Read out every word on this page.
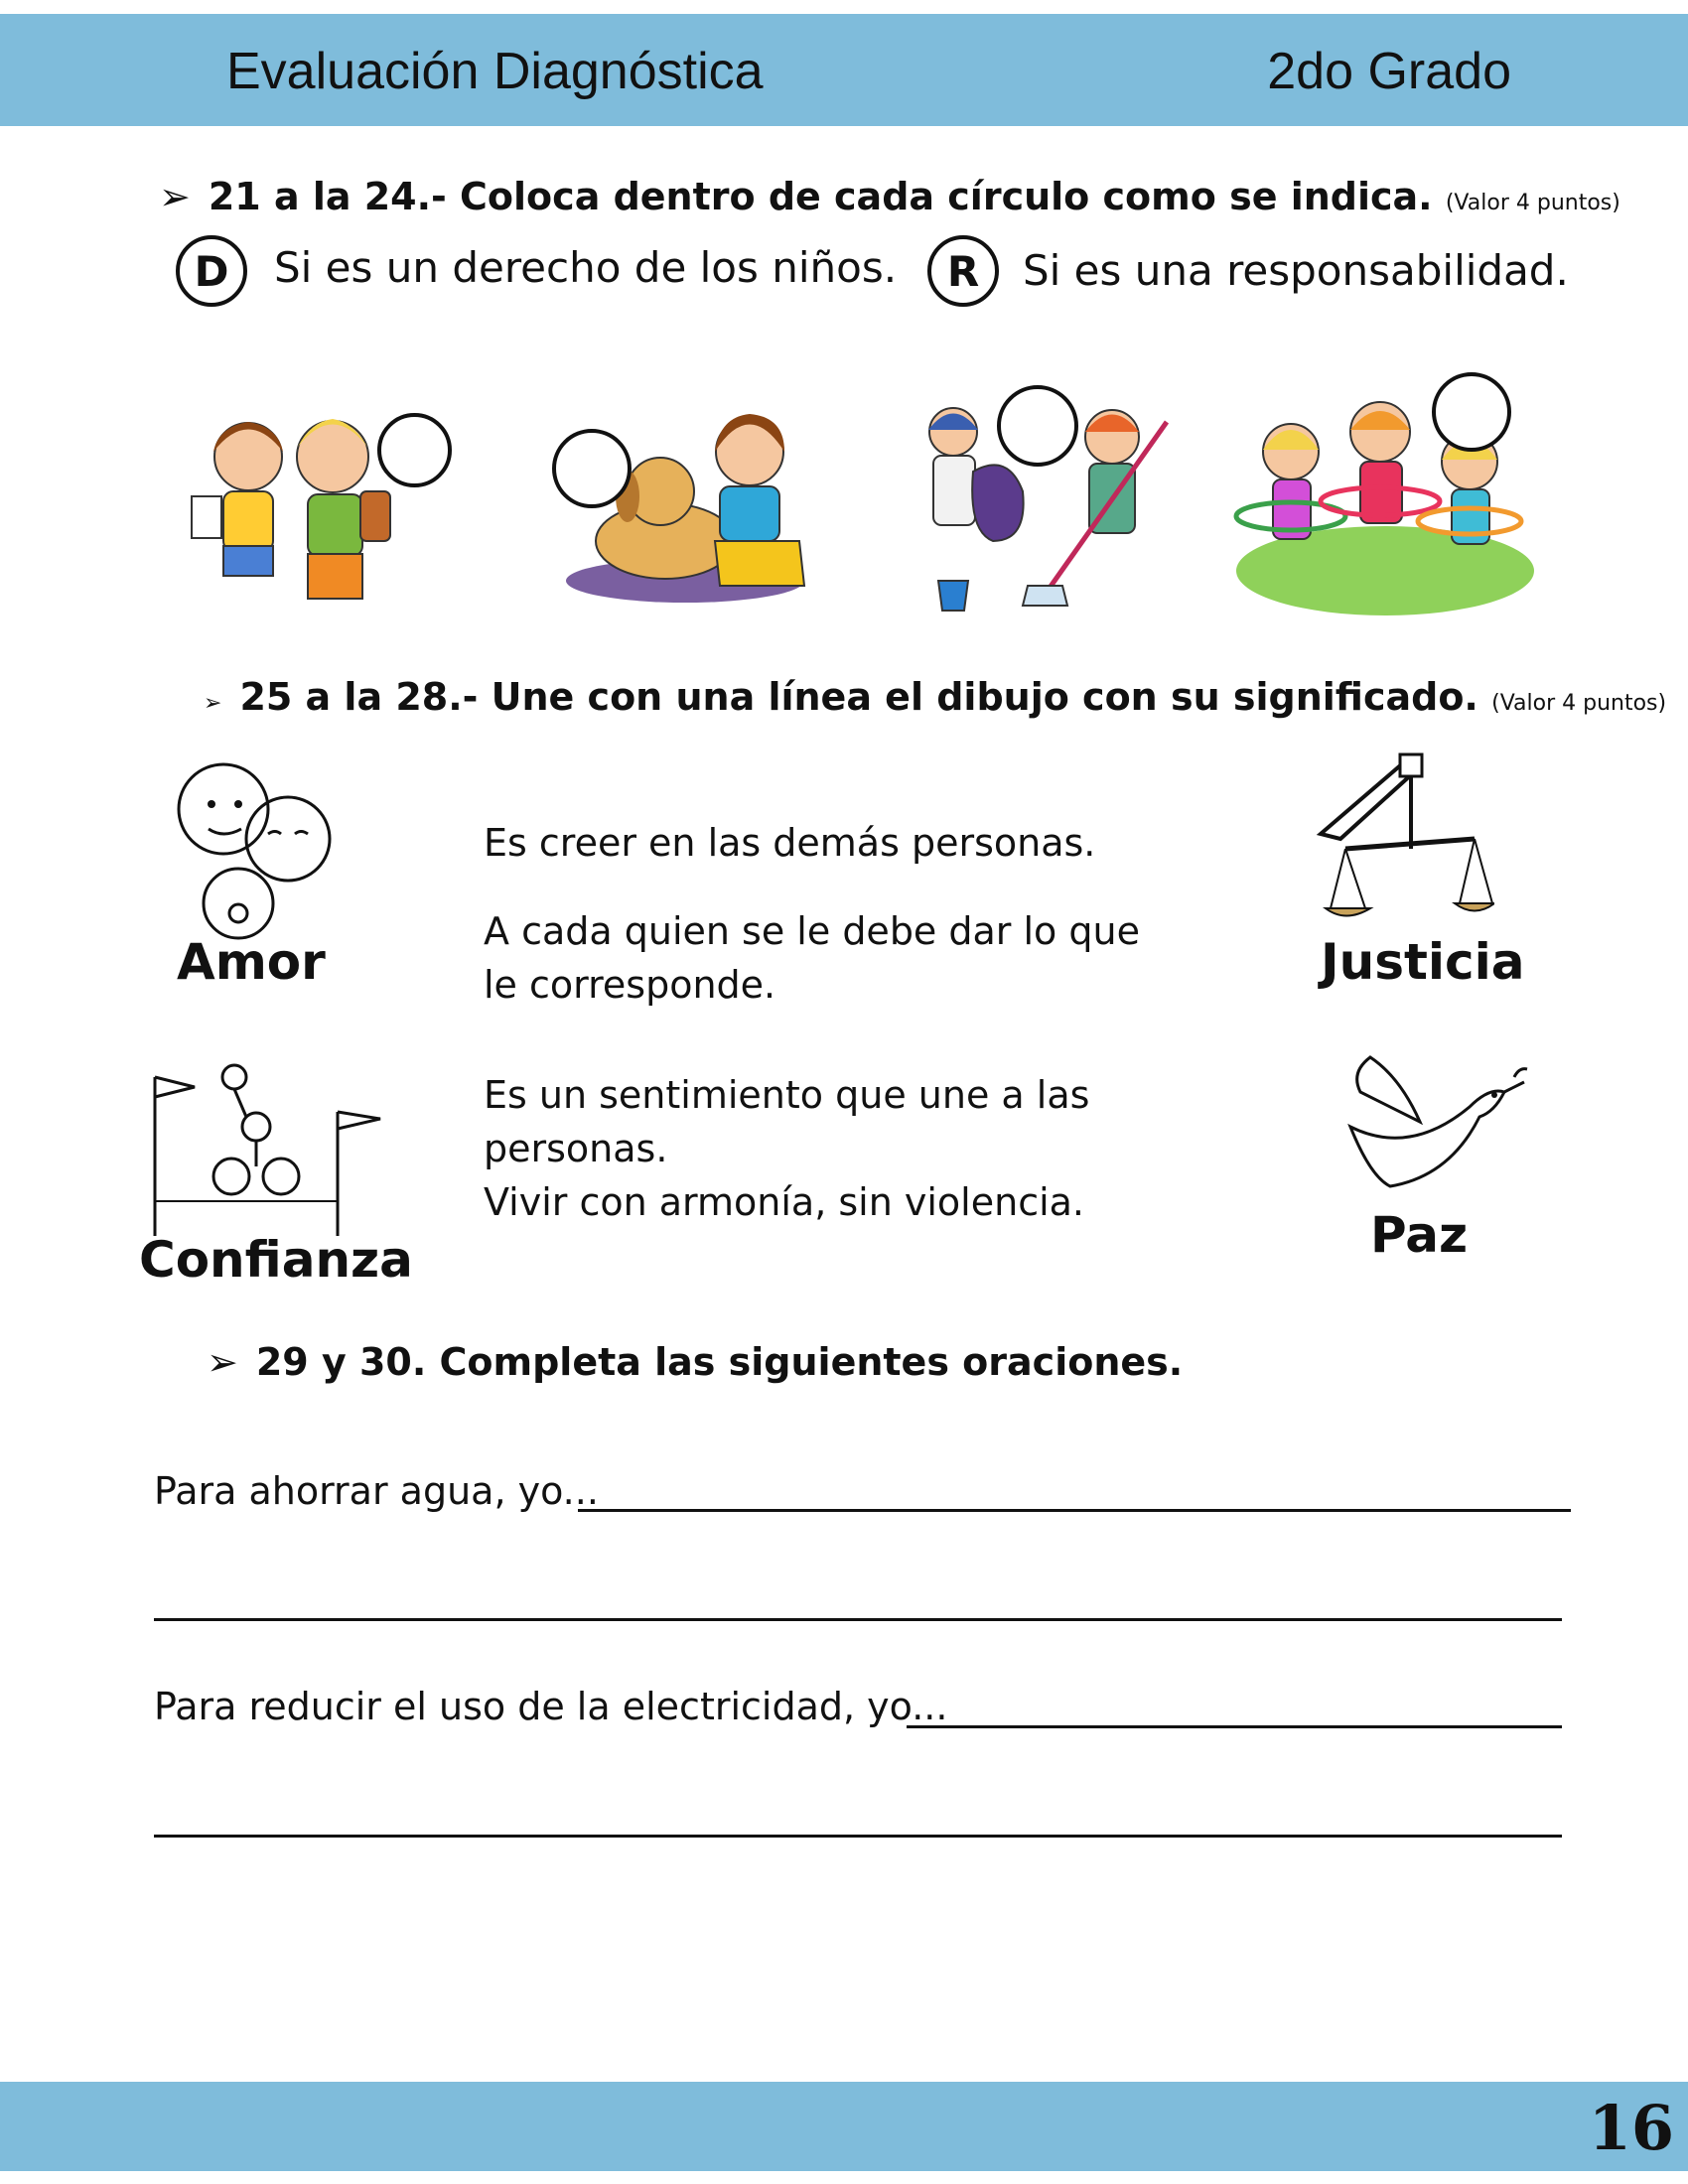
Evaluación Diagnóstica	2do Grado
➢ 21 a la 24.- Coloca dentro de cada círculo como se indica. (Valor 4 puntos)
D	Si es un derecho de los niños.	R	Si es una responsabilidad.
➢ 25 a la 28.- Une con una línea el dibujo con su significado. (Valor 4 puntos)
Amor	Justicia
Confianza	Paz
Es creer en las demás personas.
A cada quien se le debe dar lo que le corresponde.
Es un sentimiento que une a las personas.
Vivir con armonía, sin violencia.
➢ 29 y 30. Completa las siguientes oraciones.
Para ahorrar agua, yo...
Para reducir el uso de la electricidad, yo...
16
